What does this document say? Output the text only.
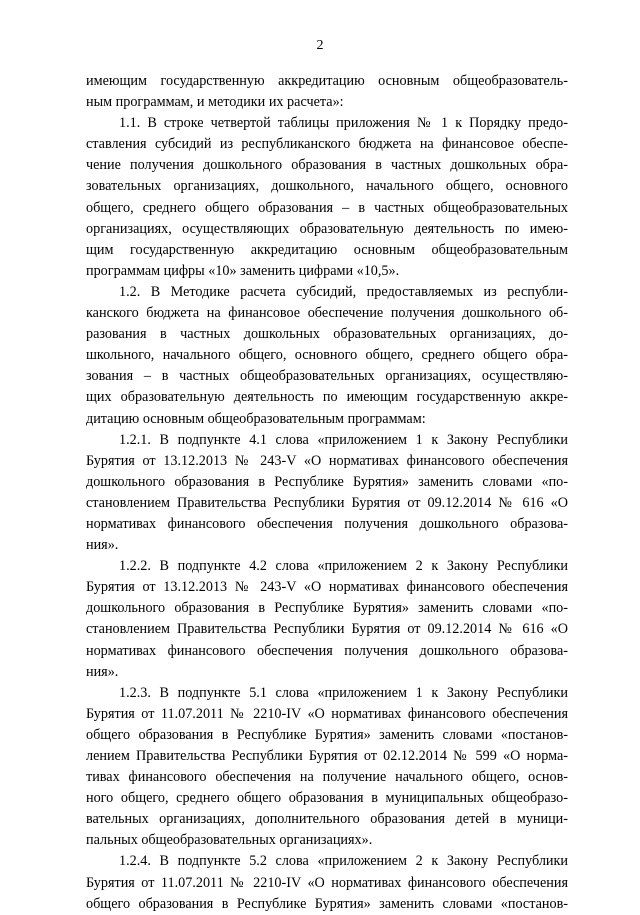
2
имеющим государственную аккредитацию основным общеобразователь-
ным программам, и методики их расчета»:
1.1. В строке четвертой таблицы приложения № 1 к Порядку предо-
ставления субсидий из республиканского бюджета на финансовое обеспе-
чение получения дошкольного образования в частных дошкольных обра-
зовательных организациях, дошкольного, начального общего, основного
общего, среднего общего образования – в частных общеобразовательных
организациях, осуществляющих образовательную деятельность по имею-
щим государственную аккредитацию основным общеобразовательным
программам цифры «10» заменить цифрами «10,5».
1.2. В Методике расчета субсидий, предоставляемых из республи-
канского бюджета на финансовое обеспечение получения дошкольного об-
разования в частных дошкольных образовательных организациях, до-
школьного, начального общего, основного общего, среднего общего обра-
зования – в частных общеобразовательных организациях, осуществляю-
щих образовательную деятельность по имеющим государственную аккре-
дитацию основным общеобразовательным программам:
1.2.1. В подпункте 4.1 слова «приложением 1 к Закону Республики
Бурятия от 13.12.2013 № 243-V «О нормативах финансового обеспечения
дошкольного образования в Республике Бурятия» заменить словами «по-
становлением Правительства Республики Бурятия от 09.12.2014 № 616 «О
нормативах финансового обеспечения получения дошкольного образова-
ния».
1.2.2. В подпункте 4.2 слова «приложением 2 к Закону Республики
Бурятия от 13.12.2013 № 243-V «О нормативах финансового обеспечения
дошкольного образования в Республике Бурятия» заменить словами «по-
становлением Правительства Республики Бурятия от 09.12.2014 № 616 «О
нормативах финансового обеспечения получения дошкольного образова-
ния».
1.2.3. В подпункте 5.1 слова «приложением 1 к Закону Республики
Бурятия от 11.07.2011 № 2210-IV «О нормативах финансового обеспечения
общего образования в Республике Бурятия» заменить словами «постанов-
лением Правительства Республики Бурятия от 02.12.2014 № 599 «О норма-
тивах финансового обеспечения на получение начального общего, основ-
ного общего, среднего общего образования в муниципальных общеобразо-
вательных организациях, дополнительного образования детей в муници-
пальных общеобразовательных организациях».
1.2.4. В подпункте 5.2 слова «приложением 2 к Закону Республики
Бурятия от 11.07.2011 № 2210-IV «О нормативах финансового обеспечения
общего образования в Республике Бурятия» заменить словами «постанов-
